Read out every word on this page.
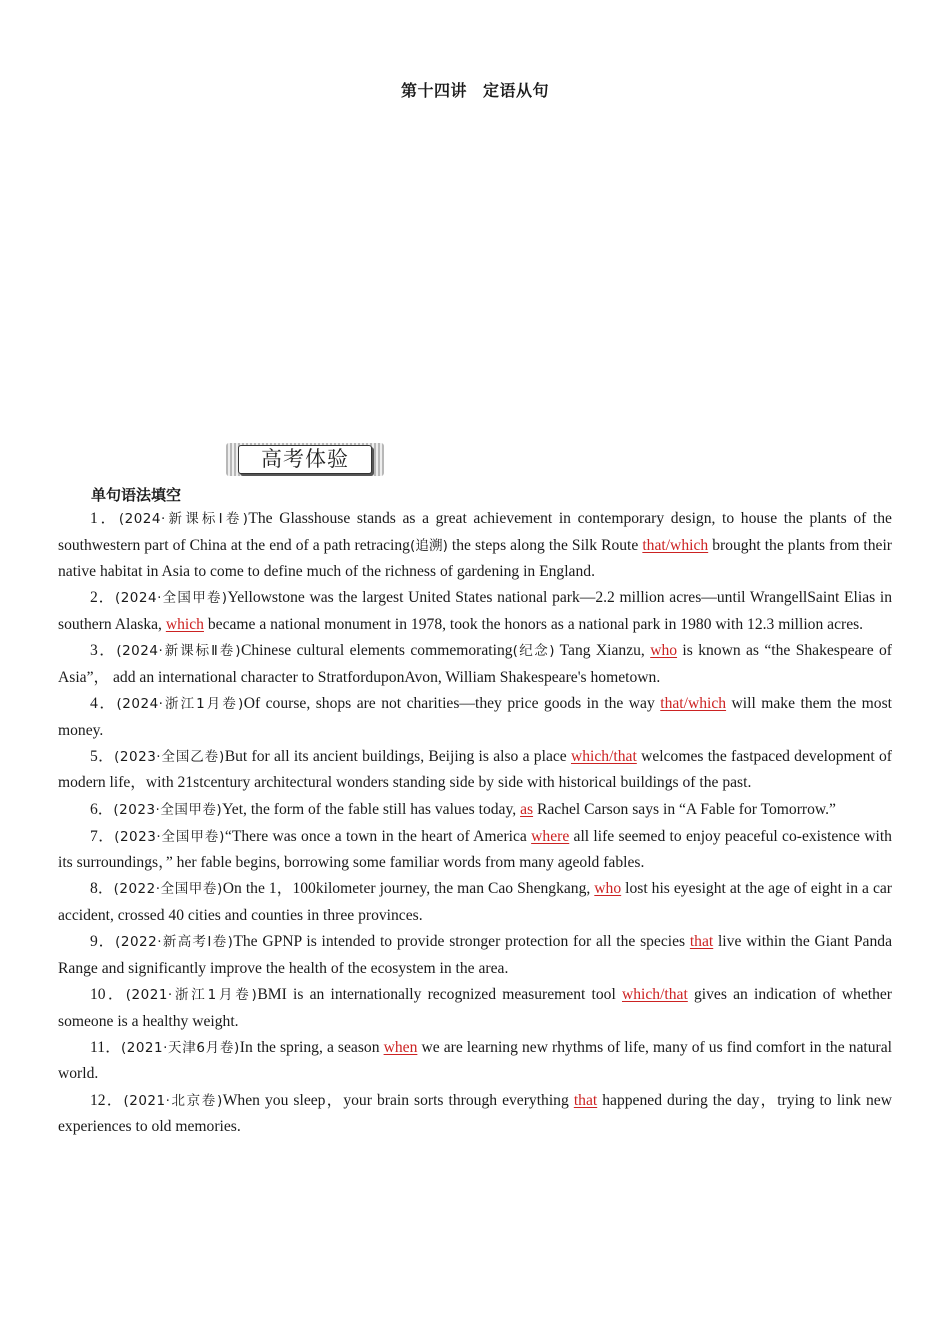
第十四讲 定语从句
高考体验
单句语法填空

1．(2024·新课标Ⅰ卷)The Glasshouse stands as a great achievement in contemporary design, to house the plants of the southwestern part of China at the end of a path retracing(追溯) the steps along the Silk Route that/which brought the plants from their native habitat in Asia to come to define much of the richness of gardening in England.

2．(2024·全国甲卷)Yellowstone was the largest United States national park—2.2 million acres—until WrangellSaint Elias in southern Alaska, which became a national monument in 1978, took the honors as a national park in 1980 with 12.3 million acres.

3．(2024·新课标Ⅱ卷)Chinese cultural elements commemorating(纪念) Tang Xianzu, who is known as “the Shakespeare of Asia”， add an international character to StratforduponAvon, William Shakespeare's hometown.

4．(2024·浙江1月卷)Of course, shops are not charities—they price goods in the way that/which will make them the most money.

5．(2023·全国乙卷)But for all its ancient buildings, Beijing is also a place which/that welcomes the fastpaced development of modern life，with 21stcentury architectural wonders standing side by side with historical buildings of the past.

6．(2023·全国甲卷)Yet, the form of the fable still has values today, as Rachel Carson says in “A Fable for Tomorrow.”

7．(2023·全国甲卷)“There was once a town in the heart of America where all life seemed to enjoy peaceful co-existence with its surroundings，” her fable begins, borrowing some familiar words from many ageold fables.

8．(2022·全国甲卷)On the 1，100kilometer journey, the man Cao Shengkang, who lost his eyesight at the age of eight in a car accident, crossed 40 cities and counties in three provinces.

9．(2022·新高考Ⅰ卷)The GPNP is intended to provide stronger protection for all the species that live within the Giant Panda Range and significantly improve the health of the ecosystem in the area.

10．(2021·浙江1月卷)BMI is an internationally recognized measurement tool which/that gives an indication of whether someone is a healthy weight.

11．(2021·天津6月卷)In the spring, a season when we are learning new rhythms of life, many of us find comfort in the natural world.

12．(2021·北京卷)When you sleep，your brain sorts through everything that happened during the day，trying to link new experiences to old memories.
